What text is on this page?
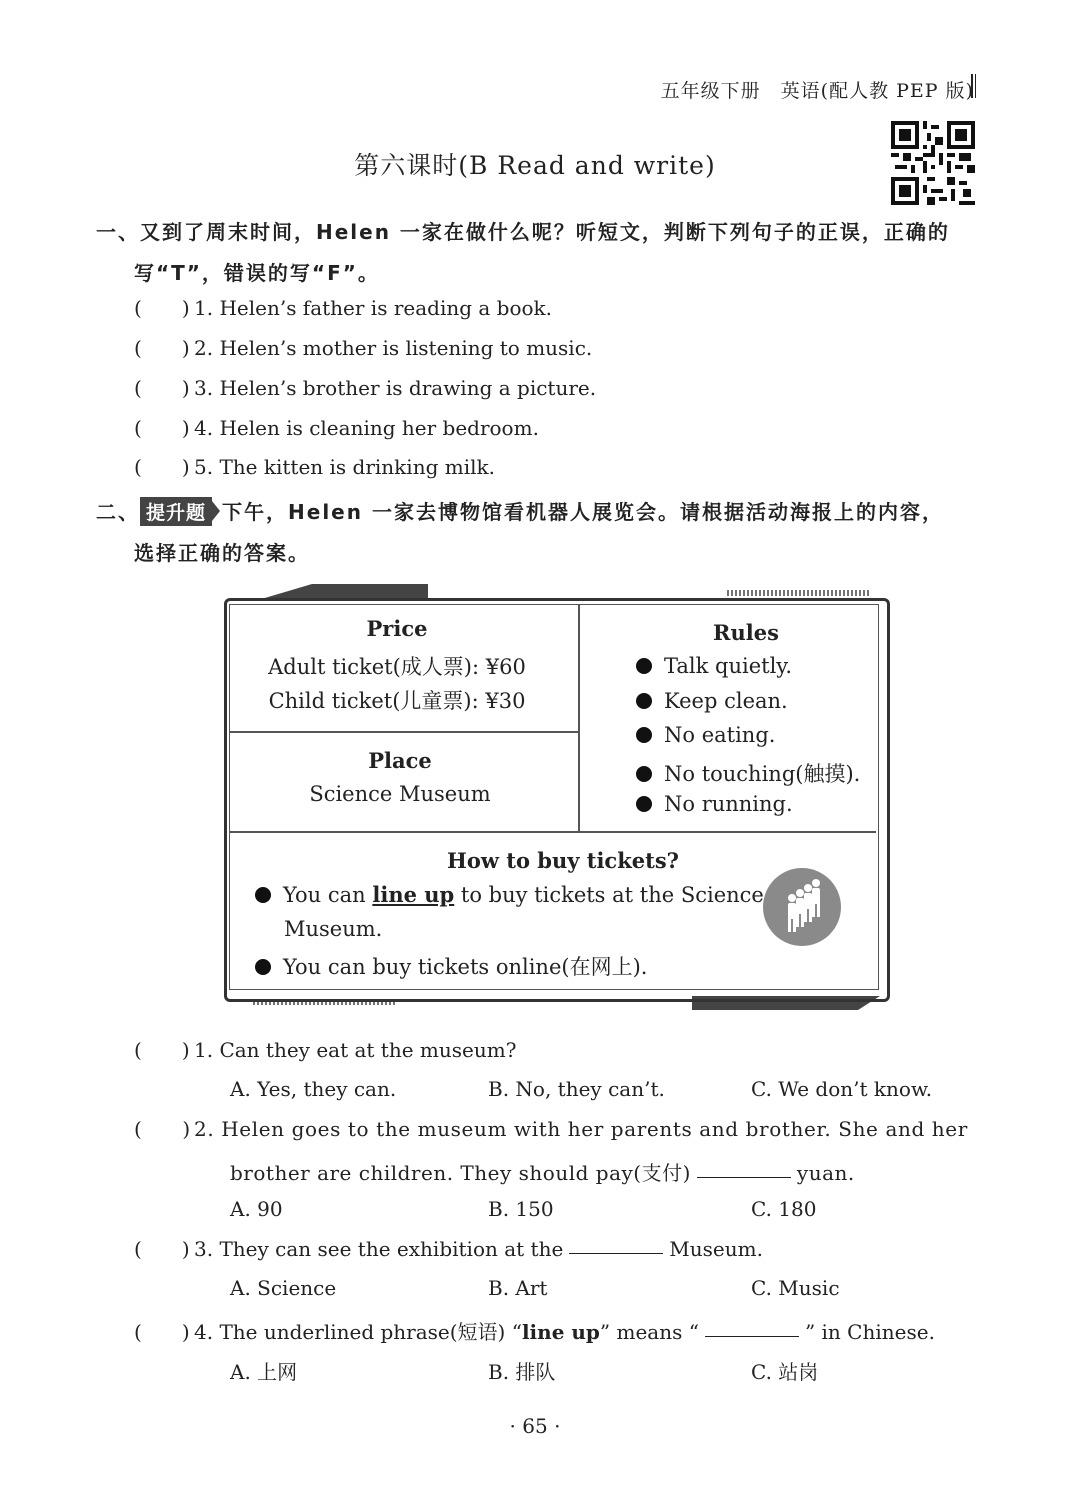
五年级下册　英语(配人教 PEP 版)
第六课时(B Read and write)
一、又到了周末时间，Helen 一家在做什么呢？听短文，判断下列句子的正误，正确的
写“T”，错误的写“F”。
( ) 1. Helen’s father is reading a book.
( ) 2. Helen’s mother is listening to music.
( ) 3. Helen’s brother is drawing a picture.
( ) 4. Helen is cleaning her bedroom.
( ) 5. The kitten is drinking milk.
二、 提升题 下午，Helen 一家去博物馆看机器人展览会。请根据活动海报上的内容，
选择正确的答案。
Price
Adult ticket(成人票): ¥60
Child ticket(儿童票): ¥30
Place
Science Museum
Rules
Talk quietly.
Keep clean.
No eating.
No touching(触摸).
No running.
How to buy tickets?
You can line up to buy tickets at the Science
Museum.
You can buy tickets online(在网上).
( ) 1. Can they eat at the museum?
A. Yes, they can.	B. No, they can’t.	C. We don’t know.
( ) 2. Helen goes to the museum with her parents and brother. She and her
brother are children. They should pay(支付)	yuan.
A. 90	B. 150	C. 180
( ) 3. They can see the exhibition at the	Museum.
A. Science	B. Art	C. Music
( ) 4. The underlined phrase(短语) “line up” means “	” in Chinese.
A. 上网	B. 排队	C. 站岗
· 65 ·
